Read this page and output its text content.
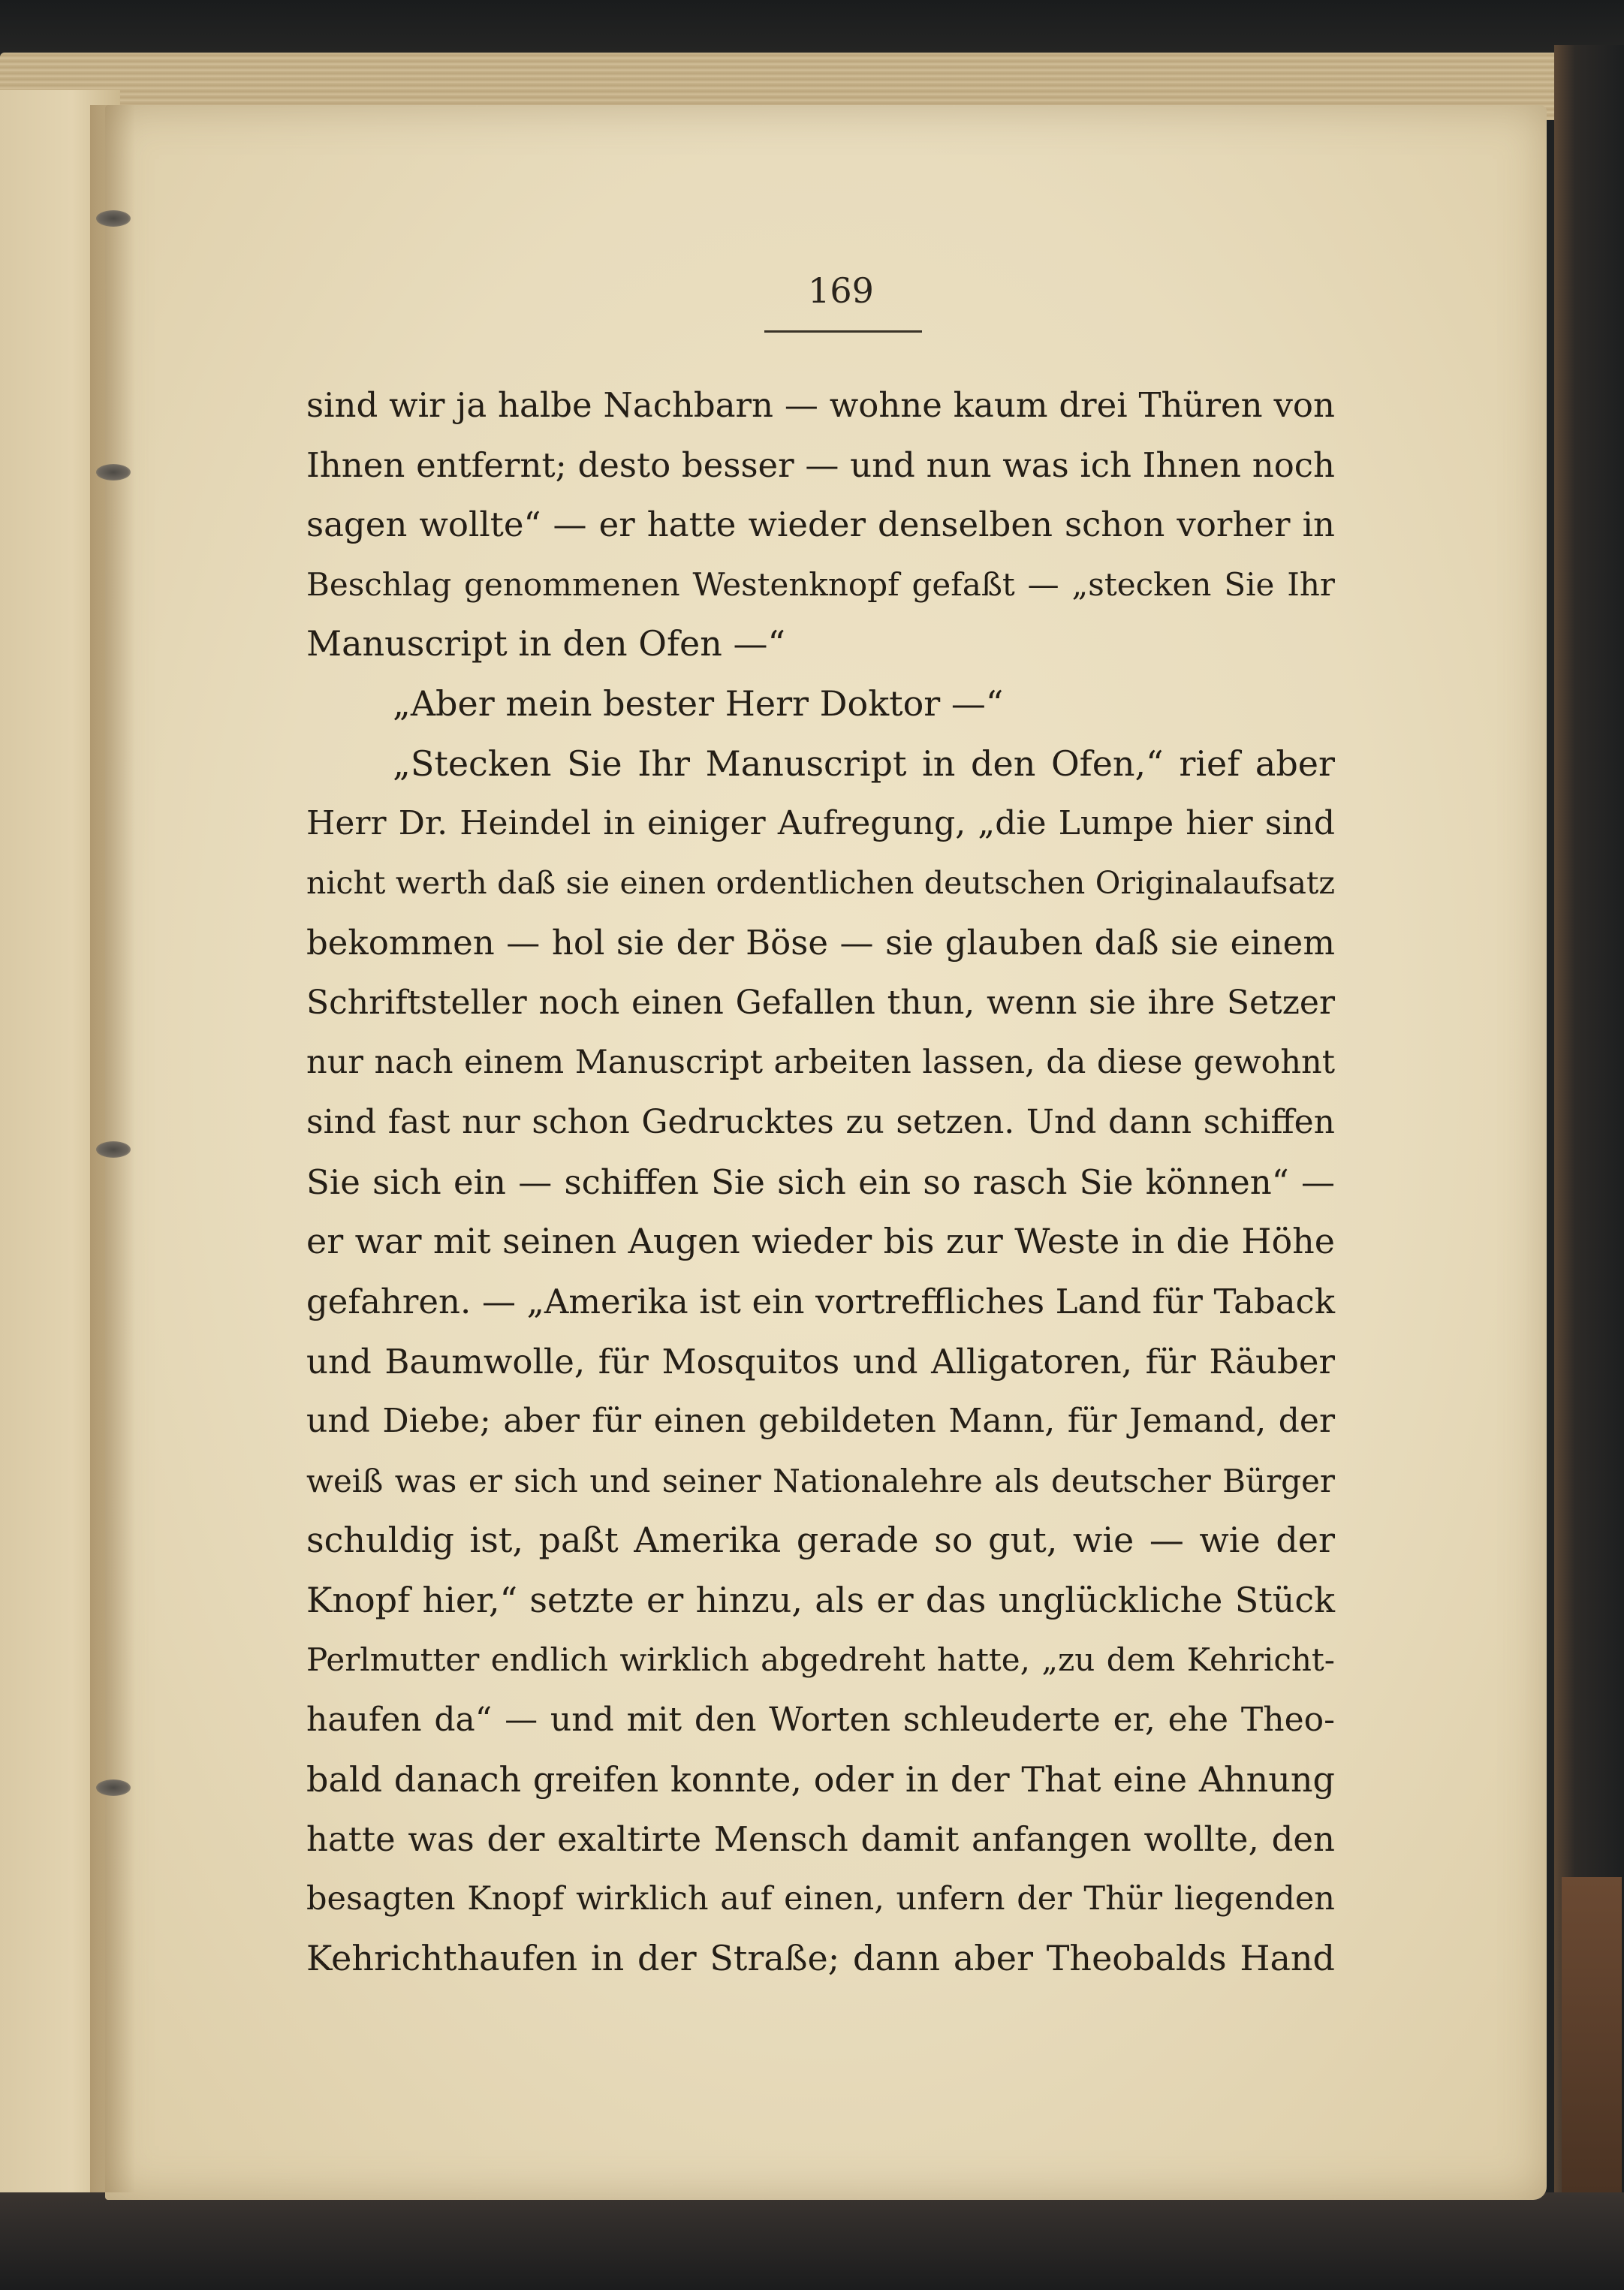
169
sind wir ja halbe Nachbarn — wohne kaum drei Thüren von
Ihnen entfernt; desto besser — und nun was ich Ihnen noch
sagen wollte“ — er hatte wieder denselben schon vorher in
Beschlag genommenen Westenknopf gefaßt — „stecken Sie Ihr
Manuscript in den Ofen —“
„Aber mein bester Herr Doktor —“
„Stecken Sie Ihr Manuscript in den Ofen,“ rief aber
Herr Dr. Heindel in einiger Aufregung, „die Lumpe hier sind
nicht werth daß sie einen ordentlichen deutschen Originalaufsatz
bekommen — hol sie der Böse — sie glauben daß sie einem
Schriftsteller noch einen Gefallen thun, wenn sie ihre Setzer
nur nach einem Manuscript arbeiten lassen, da diese gewohnt
sind fast nur schon Gedrucktes zu setzen. Und dann schiffen
Sie sich ein — schiffen Sie sich ein so rasch Sie können“ —
er war mit seinen Augen wieder bis zur Weste in die Höhe
gefahren. — „Amerika ist ein vortreffliches Land für Taback
und Baumwolle, für Mosquitos und Alligatoren, für Räuber
und Diebe; aber für einen gebildeten Mann, für Jemand, der
weiß was er sich und seiner Nationalehre als deutscher Bürger
schuldig ist, paßt Amerika gerade so gut, wie — wie der
Knopf hier,“ setzte er hinzu, als er das unglückliche Stück
Perlmutter endlich wirklich abgedreht hatte, „zu dem Kehricht-
haufen da“ — und mit den Worten schleuderte er, ehe Theo-
bald danach greifen konnte, oder in der That eine Ahnung
hatte was der exaltirte Mensch damit anfangen wollte, den
besagten Knopf wirklich auf einen, unfern der Thür liegenden
Kehrichthaufen in der Straße; dann aber Theobalds Hand
